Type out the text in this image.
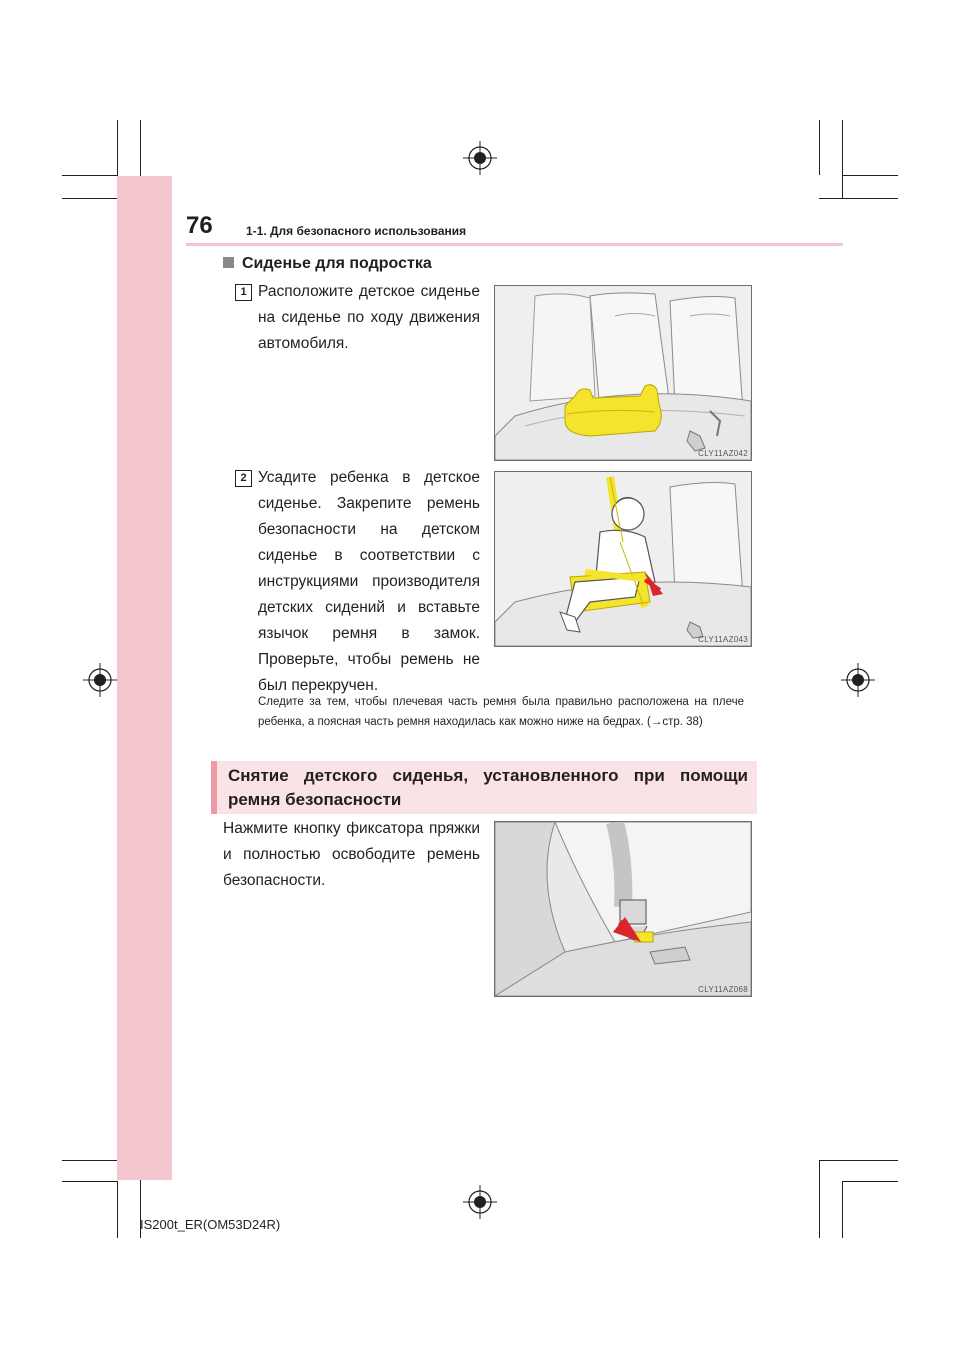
76	1-1. Для безопасного использования
Сиденье для подростка
1 Расположите детское сиденье на сиденье по ходу движения автомобиля.
CLY11AZ042
2 Усадите ребенка в детское сиденье. Закрепите ремень безопасности на детском сиденье в соответствии с инструкциями производителя детских сидений и вставьте язычок ремня в замок. Проверьте, чтобы ремень не был перекручен.
CLY11AZ043
Следите за тем, чтобы плечевая часть ремня была правильно расположена на плече ребенка, а поясная часть ремня находилась как можно ниже на бедрах. (→стр. 38)
Снятие детского сиденья, установленного при помощи ремня безопасности
Нажмите кнопку фиксатора пряжки и полностью освободите ремень безопасности.
CLY11AZ068
IS200t_ER(OM53D24R)
